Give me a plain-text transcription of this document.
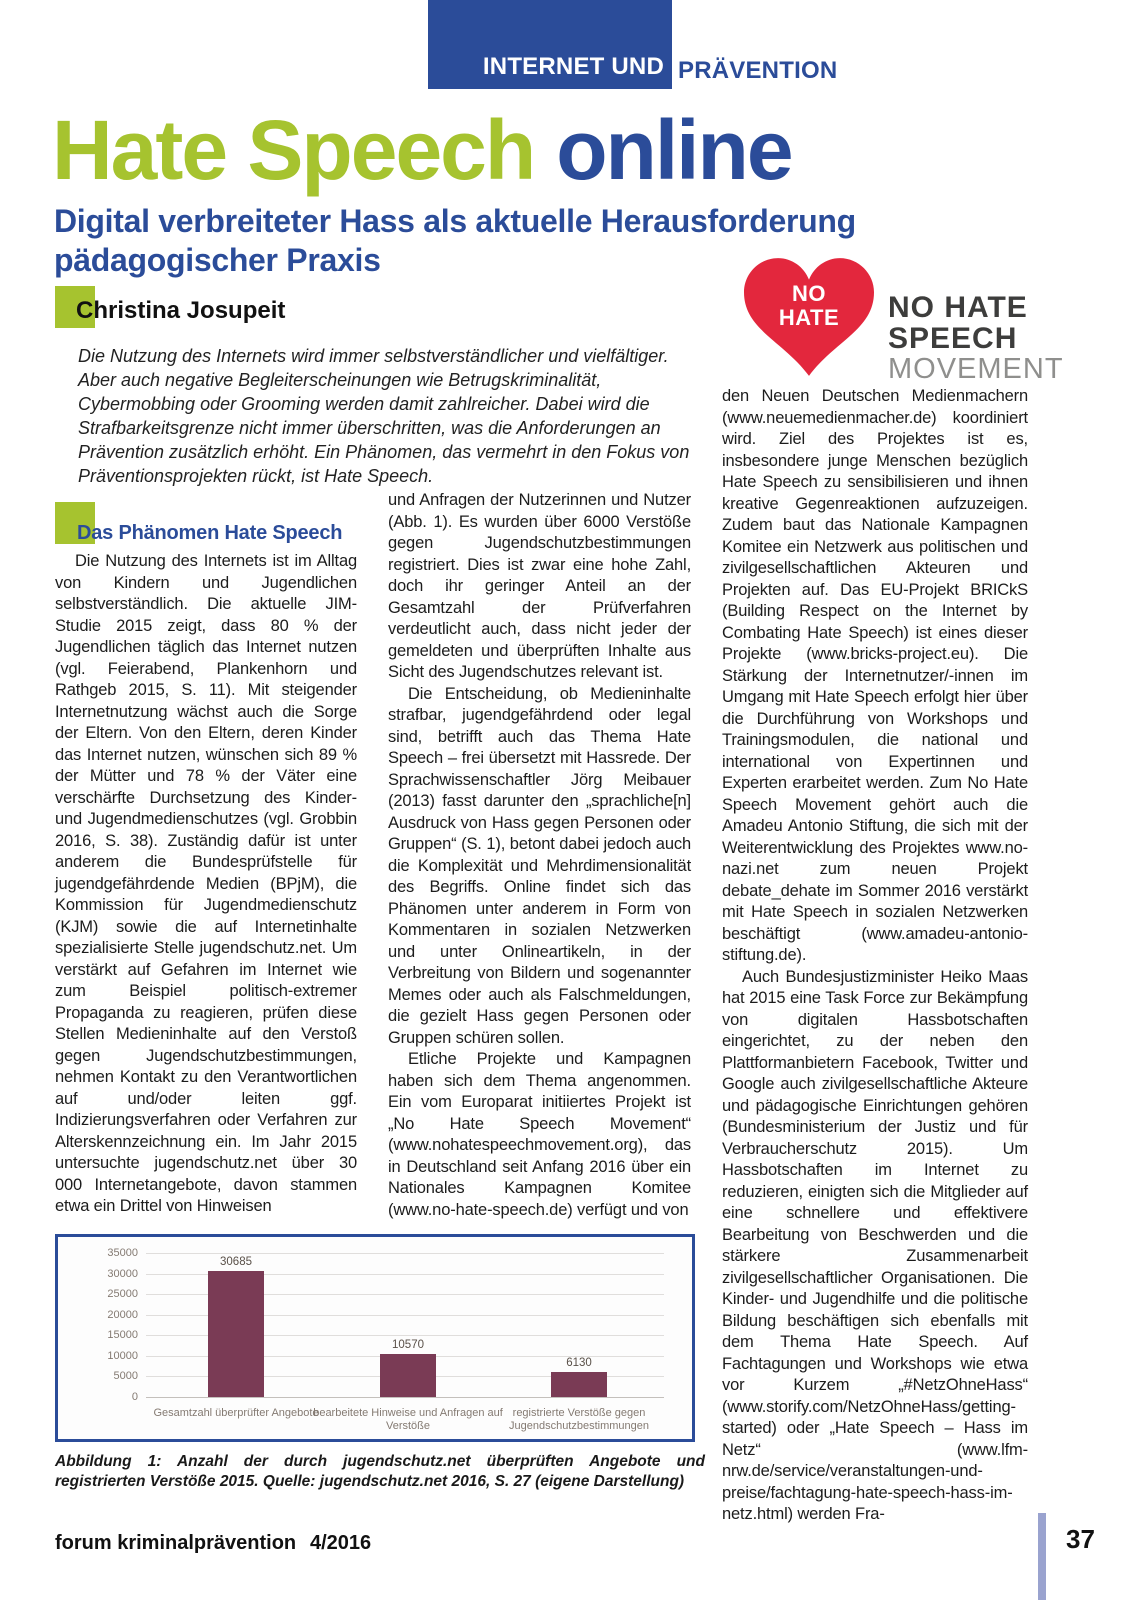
INTERNET UND PRÄVENTION
Hate Speech online
Digital verbreiteter Hass als aktuelle Herausforderung pädagogischer Praxis
Christina Josupeit
Die Nutzung des Internets wird immer selbstverständlicher und vielfältiger. Aber auch negative Begleiterscheinungen wie Betrugskriminalität, Cybermobbing oder Grooming werden damit zahlreicher. Dabei wird die Strafbarkeitsgrenze nicht immer überschritten, was die Anforderungen an Prävention zusätzlich erhöht. Ein Phänomen, das vermehrt in den Fokus von Präventionsprojekten rückt, ist Hate Speech.
Das Phänomen Hate Speech

Die Nutzung des Internets ist im Alltag von Kindern und Jugendlichen selbstverständlich. Die aktuelle JIM-Studie 2015 zeigt, dass 80 % der Jugendlichen täglich das Internet nutzen (vgl. Feierabend, Plankenhorn und Rathgeb 2015, S. 11). Mit steigender Internetnutzung wächst auch die Sorge der Eltern. Von den Eltern, deren Kinder das Internet nutzen, wünschen sich 89 % der Mütter und 78 % der Väter eine verschärfte Durchsetzung des Kinder- und Jugendmedienschutzes (vgl. Grobbin 2016, S. 38). Zuständig dafür ist unter anderem die Bundesprüfstelle für jugendgefährdende Medien (BPjM), die Kommission für Jugendmedienschutz (KJM) sowie die auf Internetinhalte spezialisierte Stelle jugendschutz.net. Um verstärkt auf Gefahren im Internet wie zum Beispiel politisch-extremer Propaganda zu reagieren, prüfen diese Stellen Medieninhalte auf den Verstoß gegen Jugendschutzbestimmungen, nehmen Kontakt zu den Verantwortlichen auf und/oder leiten ggf. Indizierungsverfahren oder Verfahren zur Alterskennzeichnung ein. Im Jahr 2015 untersuchte jugendschutz.net über 30 000 Internetangebote, davon stammen etwa ein Drittel von Hinweisen

und Anfragen der Nutzerinnen und Nutzer (Abb. 1). Es wurden über 6000 Verstöße gegen Jugendschutzbestimmungen registriert. Dies ist zwar eine hohe Zahl, doch ihr geringer Anteil an der Gesamtzahl der Prüfverfahren verdeutlicht auch, dass nicht jeder der gemeldeten und überprüften Inhalte aus Sicht des Jugendschutzes relevant ist.

Die Entscheidung, ob Medieninhalte strafbar, jugendgefährdend oder legal sind, betrifft auch das Thema Hate Speech – frei übersetzt mit Hassrede. Der Sprachwissenschaftler Jörg Meibauer (2013) fasst darunter den „sprachliche[n] Ausdruck von Hass gegen Personen oder Gruppen“ (S. 1), betont dabei jedoch auch die Komplexität und Mehrdimensionalität des Begriffs. Online findet sich das Phänomen unter anderem in Form von Kommentaren in sozialen Netzwerken und unter Onlineartikeln, in der Verbreitung von Bildern und sogenannter Memes oder auch als Falschmeldungen, die gezielt Hass gegen Personen oder Gruppen schüren sollen.

Etliche Projekte und Kampagnen haben sich dem Thema angenommen. Ein vom Europarat initiiertes Projekt ist „No Hate Speech Movement“ (www.nohatespeechmovement.org), das in Deutschland seit Anfang 2016 über ein Nationales Kampagnen Komitee (www.no-hate-speech.de) verfügt und von

den Neuen Deutschen Medienmachern (www.neuemedienmacher.de) koordiniert wird. Ziel des Projektes ist es, insbesondere junge Menschen bezüglich Hate Speech zu sensibilisieren und ihnen kreative Gegenreaktionen aufzuzeigen. Zudem baut das Nationale Kampagnen Komitee ein Netzwerk aus politischen und zivilgesellschaftlichen Akteuren und Projekten auf. Das EU-Projekt BRICkS (Building Respect on the Internet by Combating Hate Speech) ist eines dieser Projekte (www.bricks-project.eu). Die Stärkung der Internetnutzer/-innen im Umgang mit Hate Speech erfolgt hier über die Durchführung von Workshops und Trainingsmodulen, die national und international von Expertinnen und Experten erarbeitet werden. Zum No Hate Speech Movement gehört auch die Amadeu Antonio Stiftung, die sich mit der Weiterentwicklung des Projektes www.no-nazi.net zum neuen Projekt debate_dehate im Sommer 2016 verstärkt mit Hate Speech in sozialen Netzwerken beschäftigt (www.amadeu-antonio-stiftung.de).

Auch Bundesjustizminister Heiko Maas hat 2015 eine Task Force zur Bekämpfung von digitalen Hassbotschaften eingerichtet, zu der neben den Plattformanbietern Facebook, Twitter und Google auch zivilgesellschaftliche Akteure und pädagogische Einrichtungen gehören (Bundesministerium der Justiz und für Verbraucherschutz 2015). Um Hassbotschaften im Internet zu reduzieren, einigten sich die Mitglieder auf eine schnellere und effektivere Bearbeitung von Beschwerden und die stärkere Zusammenarbeit zivilgesellschaftlicher Organisationen. Die Kinder- und Jugendhilfe und die politische Bildung beschäftigen sich ebenfalls mit dem Thema Hate Speech. Auf Fachtagungen und Workshops wie etwa vor Kurzem „#NetzOhneHass“ (www.storify.com/NetzOhneHass/getting-started) oder „Hate Speech – Hass im Netz“ (www.lfm-nrw.de/service/veranstaltungen-und-preise/fachtagung-hate-speech-hass-im-netz.html) werden Fra-

NO
HATE	NO HATE
SPEECH
MOVEMENT
0
5000
10000
15000
20000
25000
30000
35000
30685
Gesamtzahl überprüfter Angebote
10570
bearbeitete Hinweise und Anfragen auf Verstöße
6130
registrierte Verstöße gegen Jugendschutzbestimmungen
Abbildung 1: Anzahl der durch jugendschutz.net überprüften Angebote und registrierten Verstöße 2015. Quelle: jugendschutz.net 2016, S. 27 (eigene Darstellung)
forum kriminalprävention 4/2016	37
